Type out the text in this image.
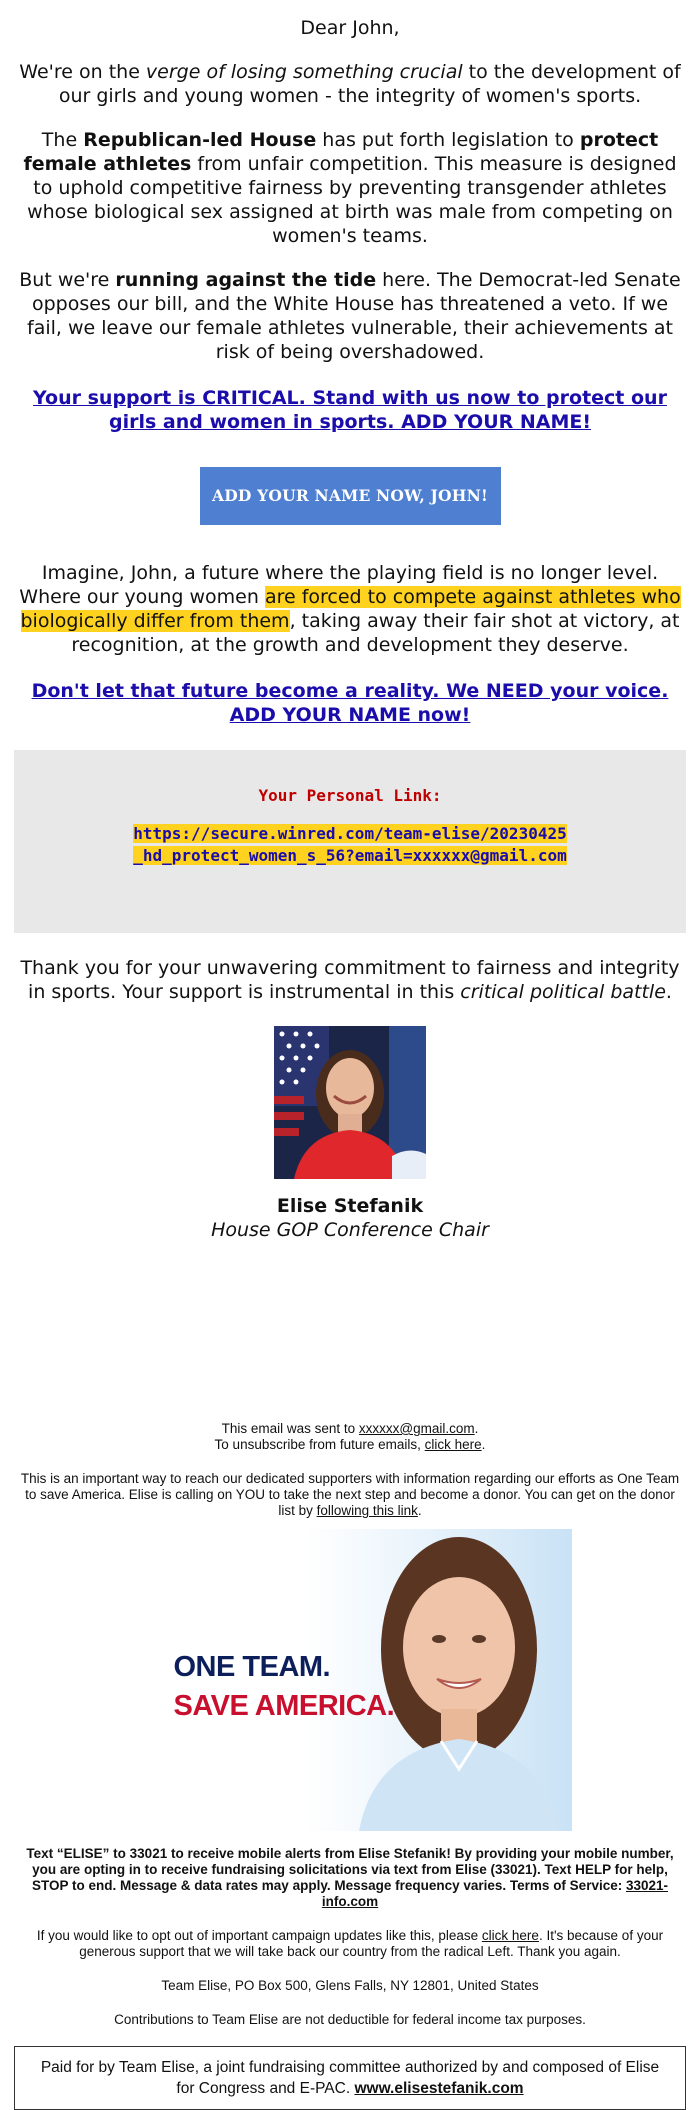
Dear John,

We're on the verge of losing something crucial to the development of our girls and young women - the integrity of women's sports.

The Republican-led House has put forth legislation to protect female athletes from unfair competition. This measure is designed to uphold competitive fairness by preventing transgender athletes whose biological sex assigned at birth was male from competing on women's teams.

But we're running against the tide here. The Democrat-led Senate opposes our bill, and the White House has threatened a veto. If we fail, we leave our female athletes vulnerable, their achievements at risk of being overshadowed.

Your support is CRITICAL. Stand with us now to protect our girls and women in sports. ADD YOUR NAME!
ADD YOUR NAME NOW, JOHN!

Imagine, John, a future where the playing field is no longer level. Where our young women are forced to compete against athletes who biologically differ from them, taking away their fair shot at victory, at recognition, at the growth and development they deserve.

Don't let that future become a reality. We NEED your voice. ADD YOUR NAME now!
Your Personal Link:
https://secure.winred.com/team-elise/20230425_hd_protect_women_s_56?email=xxxxxx@gmail.com

Thank you for your unwavering commitment to fairness and integrity in sports. Your support is instrumental in this critical political battle.

Elise Stefanik

House GOP Conference Chair

This email was sent to xxxxxx@gmail.com.
To unsubscribe from future emails, click here.
This is an important way to reach our dedicated supporters with information regarding our efforts as One Team to save America. Elise is calling on YOU to take the next step and become a donor. You can get on the donor list by following this link.
ONE TEAM.
SAVE AMERICA.
Text “ELISE” to 33021 to receive mobile alerts from Elise Stefanik! By providing your mobile number, you are opting in to receive fundraising solicitations via text from Elise (33021). Text HELP for help, STOP to end. Message & data rates may apply. Message frequency varies. Terms of Service: 33021-info.com
If you would like to opt out of important campaign updates like this, please click here. It's because of your generous support that we will take back our country from the radical Left. Thank you again.
Team Elise, PO Box 500, Glens Falls, NY 12801, United States
Contributions to Team Elise are not deductible for federal income tax purposes.
Paid for by Team Elise, a joint fundraising committee authorized by and composed of Elise for Congress and E-PAC. www.elisestefanik.com
